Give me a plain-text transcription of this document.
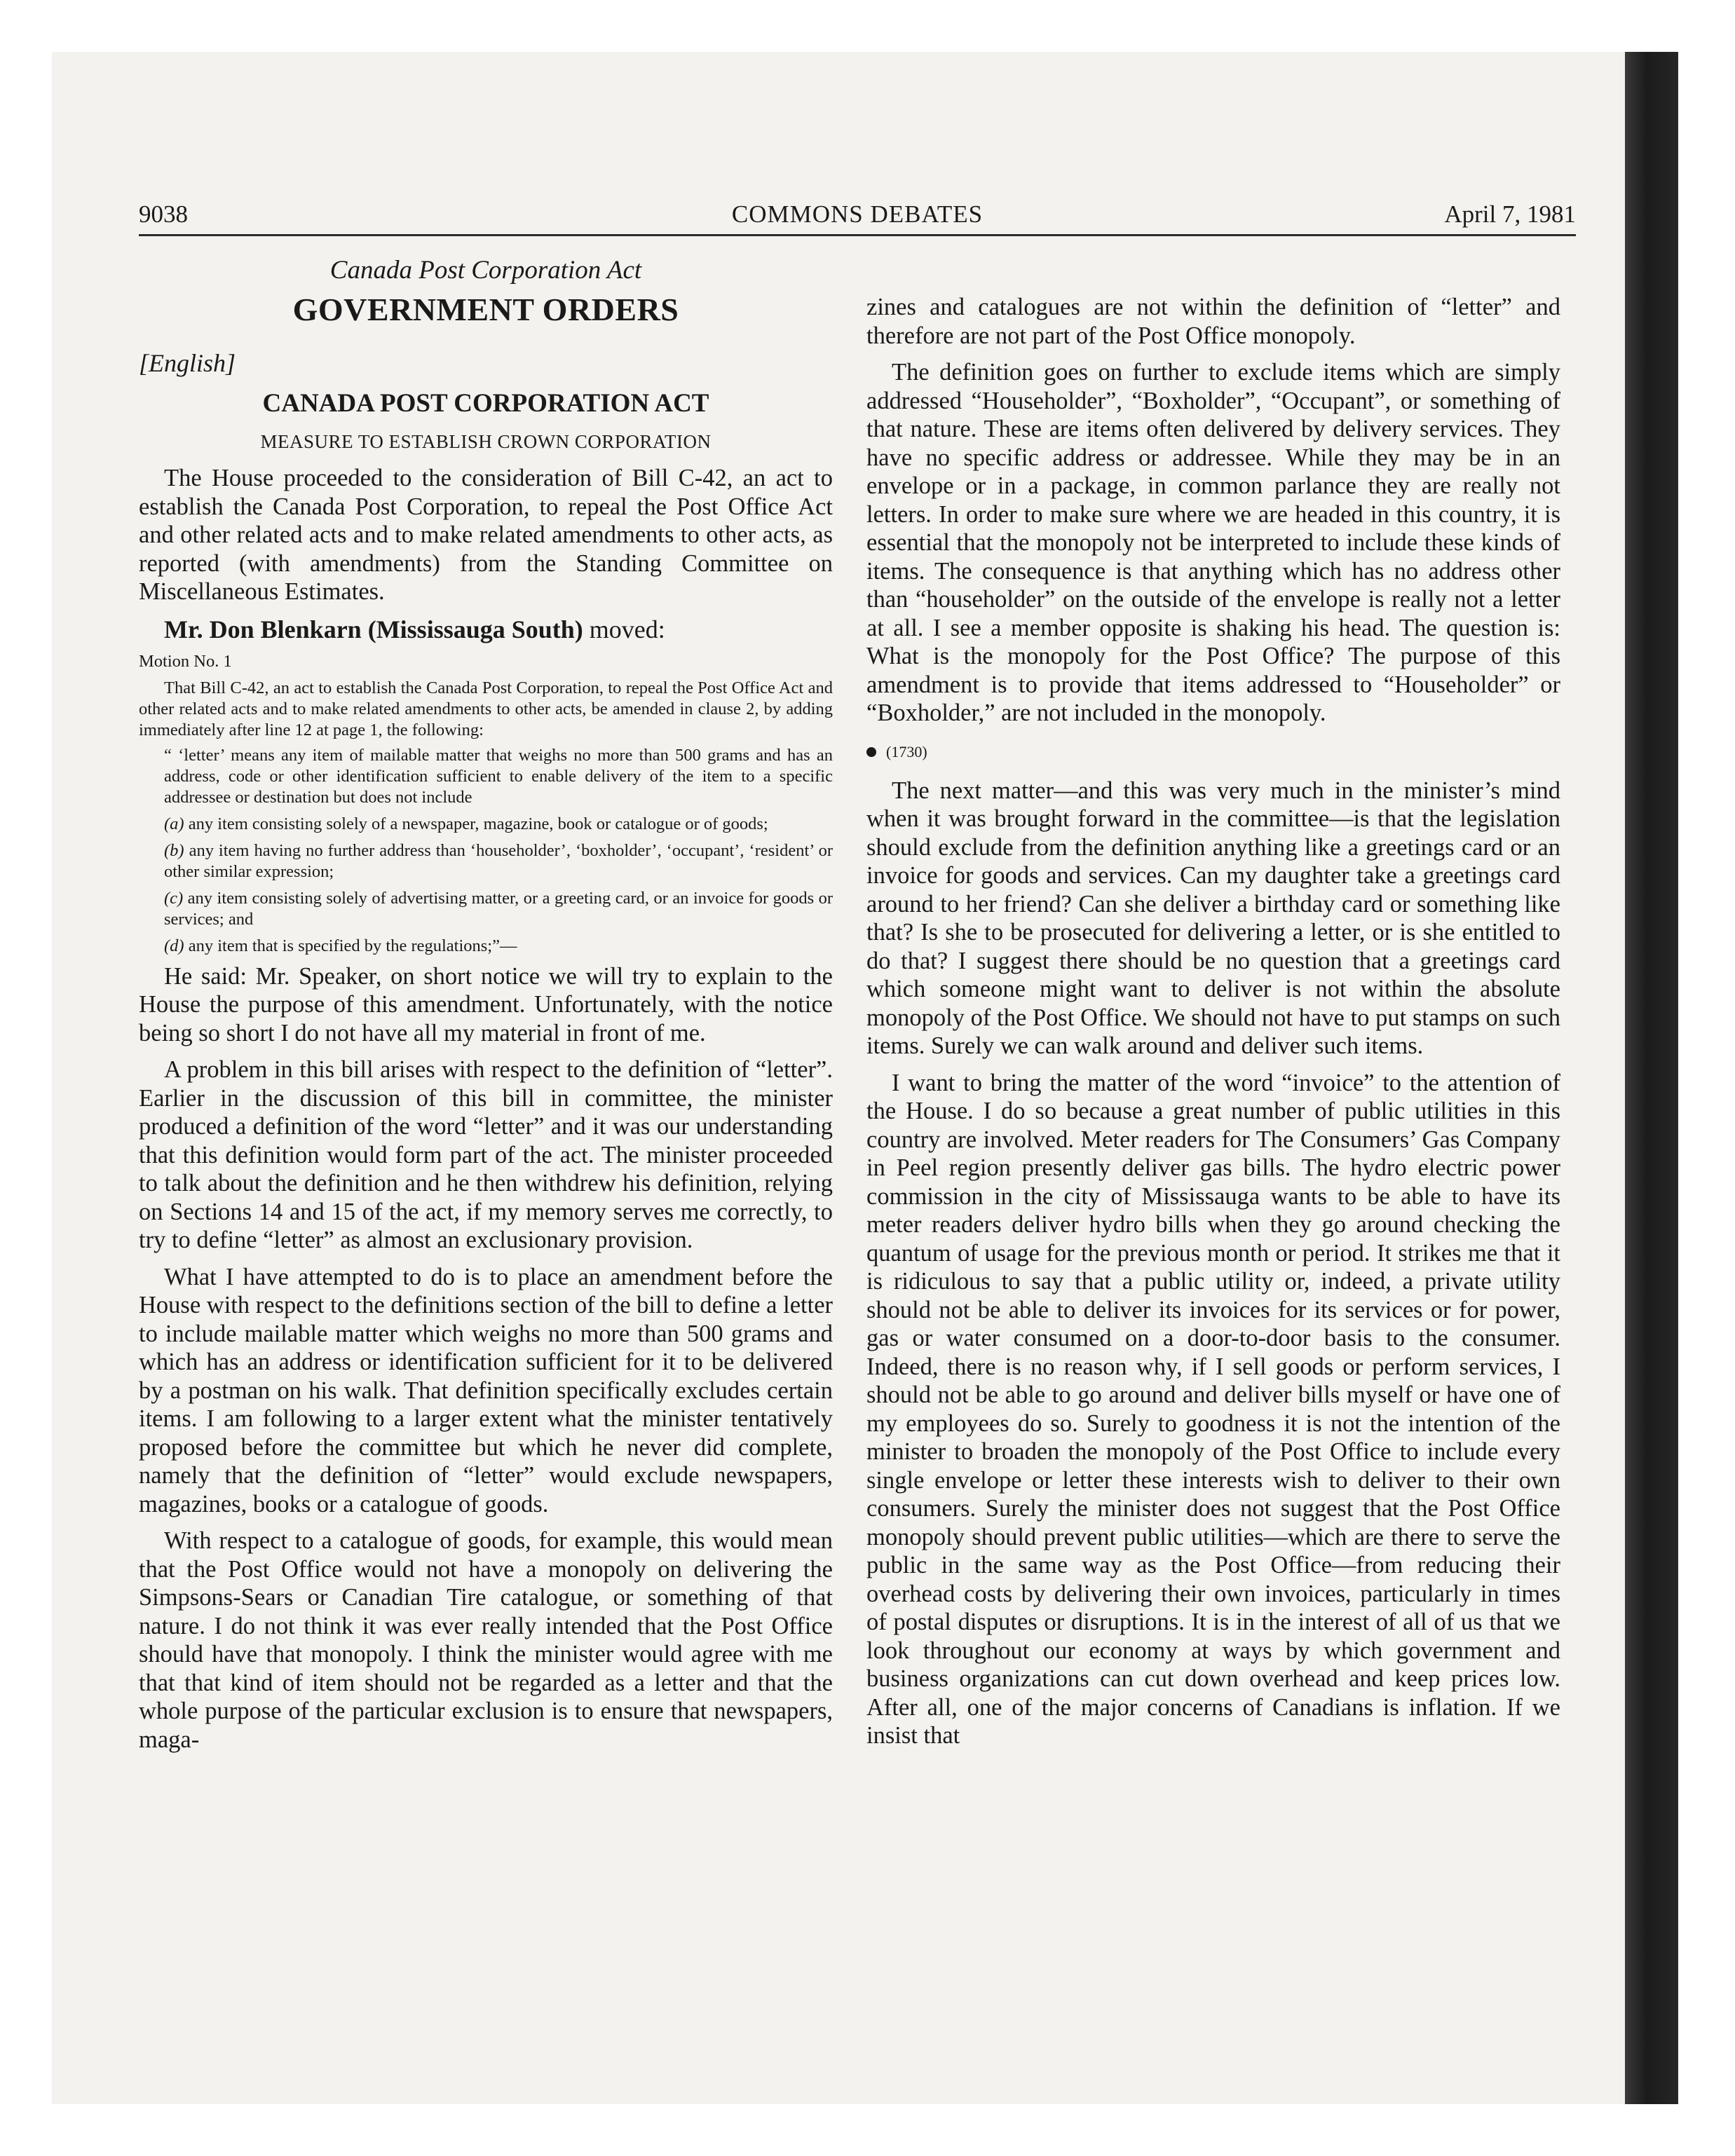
9038	COMMONS DEBATES	April 7, 1981
Canada Post Corporation Act
GOVERNMENT ORDERS
[English]
CANADA POST CORPORATION ACT
MEASURE TO ESTABLISH CROWN CORPORATION

The House proceeded to the consideration of Bill C-42, an act to establish the Canada Post Corporation, to repeal the Post Office Act and other related acts and to make related amendments to other acts, as reported (with amendments) from the Standing Committee on Miscellaneous Estimates.

Mr. Don Blenkarn (Mississauga South) moved:
Motion No. 1

That Bill C-42, an act to establish the Canada Post Corporation, to repeal the Post Office Act and other related acts and to make related amendments to other acts, be amended in clause 2, by adding immediately after line 12 at page 1, the following:

“ ‘letter’ means any item of mailable matter that weighs no more than 500 grams and has an address, code or other identification sufficient to enable delivery of the item to a specific addressee or destination but does not include

(a) any item consisting solely of a newspaper, magazine, book or catalogue or of goods;

(b) any item having no further address than ‘householder’, ‘boxholder’, ‘occupant’, ‘resident’ or other similar expression;

(c) any item consisting solely of advertising matter, or a greeting card, or an invoice for goods or services; and

(d) any item that is specified by the regulations;”—

He said: Mr. Speaker, on short notice we will try to explain to the House the purpose of this amendment. Unfortunately, with the notice being so short I do not have all my material in front of me.

A problem in this bill arises with respect to the definition of “letter”. Earlier in the discussion of this bill in committee, the minister produced a definition of the word “letter” and it was our understanding that this definition would form part of the act. The minister proceeded to talk about the definition and he then withdrew his definition, relying on Sections 14 and 15 of the act, if my memory serves me correctly, to try to define “letter” as almost an exclusionary provision.

What I have attempted to do is to place an amendment before the House with respect to the definitions section of the bill to define a letter to include mailable matter which weighs no more than 500 grams and which has an address or identification sufficient for it to be delivered by a postman on his walk. That definition specifically excludes certain items. I am following to a larger extent what the minister tentatively proposed before the committee but which he never did complete, namely that the definition of “letter” would exclude newspapers, magazines, books or a catalogue of goods.

With respect to a catalogue of goods, for example, this would mean that the Post Office would not have a monopoly on delivering the Simpsons-Sears or Canadian Tire catalogue, or something of that nature. I do not think it was ever really intended that the Post Office should have that monopoly. I think the minister would agree with me that that kind of item should not be regarded as a letter and that the whole purpose of the particular exclusion is to ensure that newspapers, maga-

zines and catalogues are not within the definition of “letter” and therefore are not part of the Post Office monopoly.

The definition goes on further to exclude items which are simply addressed “Householder”, “Boxholder”, “Occupant”, or something of that nature. These are items often delivered by delivery services. They have no specific address or addressee. While they may be in an envelope or in a package, in common parlance they are really not letters. In order to make sure where we are headed in this country, it is essential that the monopoly not be interpreted to include these kinds of items. The consequence is that anything which has no address other than “householder” on the outside of the envelope is really not a letter at all. I see a member opposite is shaking his head. The question is: What is the monopoly for the Post Office? The purpose of this amendment is to provide that items addressed to “Householder” or “Boxholder,” are not included in the monopoly.

(1730)

The next matter—and this was very much in the minister’s mind when it was brought forward in the committee—is that the legislation should exclude from the definition anything like a greetings card or an invoice for goods and services. Can my daughter take a greetings card around to her friend? Can she deliver a birthday card or something like that? Is she to be prosecuted for delivering a letter, or is she entitled to do that? I suggest there should be no question that a greetings card which someone might want to deliver is not within the absolute monopoly of the Post Office. We should not have to put stamps on such items. Surely we can walk around and deliver such items.

I want to bring the matter of the word “invoice” to the attention of the House. I do so because a great number of public utilities in this country are involved. Meter readers for The Consumers’ Gas Company in Peel region presently deliver gas bills. The hydro electric power commission in the city of Mississauga wants to be able to have its meter readers deliver hydro bills when they go around checking the quantum of usage for the previous month or period. It strikes me that it is ridiculous to say that a public utility or, indeed, a private utility should not be able to deliver its invoices for its services or for power, gas or water consumed on a door-to-door basis to the consumer. Indeed, there is no reason why, if I sell goods or perform services, I should not be able to go around and deliver bills myself or have one of my employees do so. Surely to goodness it is not the intention of the minister to broaden the monopoly of the Post Office to include every single envelope or letter these interests wish to deliver to their own consumers. Surely the minister does not suggest that the Post Office monopoly should prevent public utilities—which are there to serve the public in the same way as the Post Office—from reducing their overhead costs by delivering their own invoices, particularly in times of postal disputes or disruptions. It is in the interest of all of us that we look throughout our economy at ways by which government and business organizations can cut down overhead and keep prices low. After all, one of the major concerns of Canadians is inflation. If we insist that
